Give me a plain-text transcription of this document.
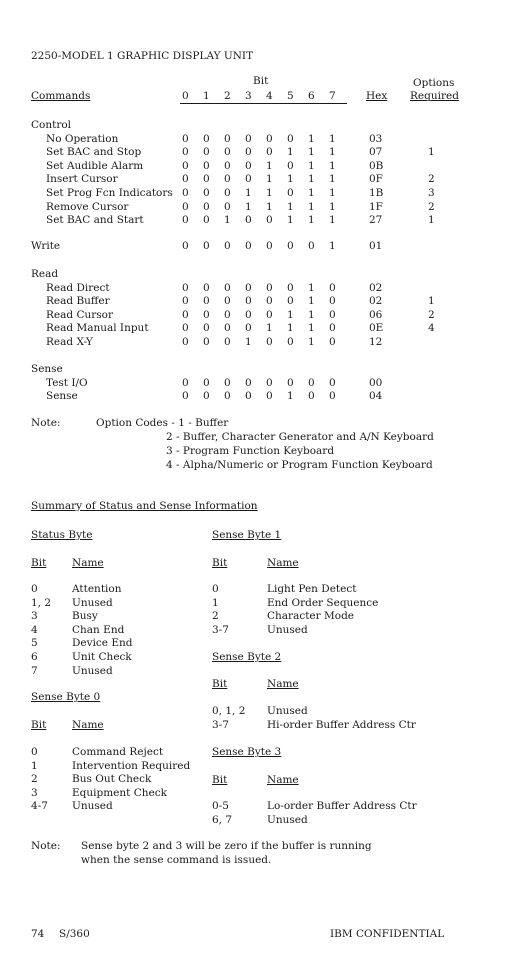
2250-MODEL 1 GRAPHIC DISPLAY UNIT
Bit	Options
Commands	0 1 2 3 4 5 6 7	Hex Required
Control
No Operation	0 0 0 0 0 0 1 1	03
Set BAC and Stop	0 0 0 0 0 1 1 1	07	1
Set Audible Alarm	0 0 0 0 1 0 1 1	0B
Insert Cursor	0 0 0 0 1 1 1 1	0F	2
Set Prog Fcn Indicators 0 0 0 1 1 0 1 1	1B	3
Remove Cursor	0 0 0 1 1 1 1 1	1F	2
Set BAC and Start	0 0 1 0 0 1 1 1	27	1
Write	0 0 0 0 0 0 0 1	01
Read
Read Direct	0 0 0 0 0 0 1 0	02
Read Buffer	0 0 0 0 0 0 1 0	02	1
Read Cursor	0 0 0 0 0 1 1 0	06	2
Read Manual Input	0 0 0 0 1 1 1 0	0E	4
Read X-Y	0 0 0 1 0 0 1 0	12
Sense
Test I/O	0 0 0 0 0 0 0 0	00
Sense	0 0 0 0 0 1 0 0	04
Note:	Option Codes - 1 - Buffer
2 - Buffer, Character Generator and A/N Keyboard
3 - Program Function Keyboard
4 - Alpha/Numeric or Program Function Keyboard
Summary of Status and Sense Information
Status Byte
Bit Name
0	Attention
1, 2 Unused
3	Busy
4	Chan End
5	Device End
6	Unit Check
7	Unused
Sense Byte 0
Bit Name
0	Command Reject
1	Intervention Required
2	Bus Out Check
3	Equipment Check
4-7 Unused
Sense Byte 1
Bit	Name
0	Light Pen Detect
1	End Order Sequence
2	Character Mode
3-7	Unused
Sense Byte 2
Bit	Name
0, 1, 2 Unused
3-7	Hi-order Buffer Address Ctr
Sense Byte 3
Bit	Name
0-5	Lo-order Buffer Address Ctr
6, 7	Unused
Note: Sense byte 2 and 3 will be zero if the buffer is running
when the sense command is issued.
74 S/360	IBM CONFIDENTIAL
